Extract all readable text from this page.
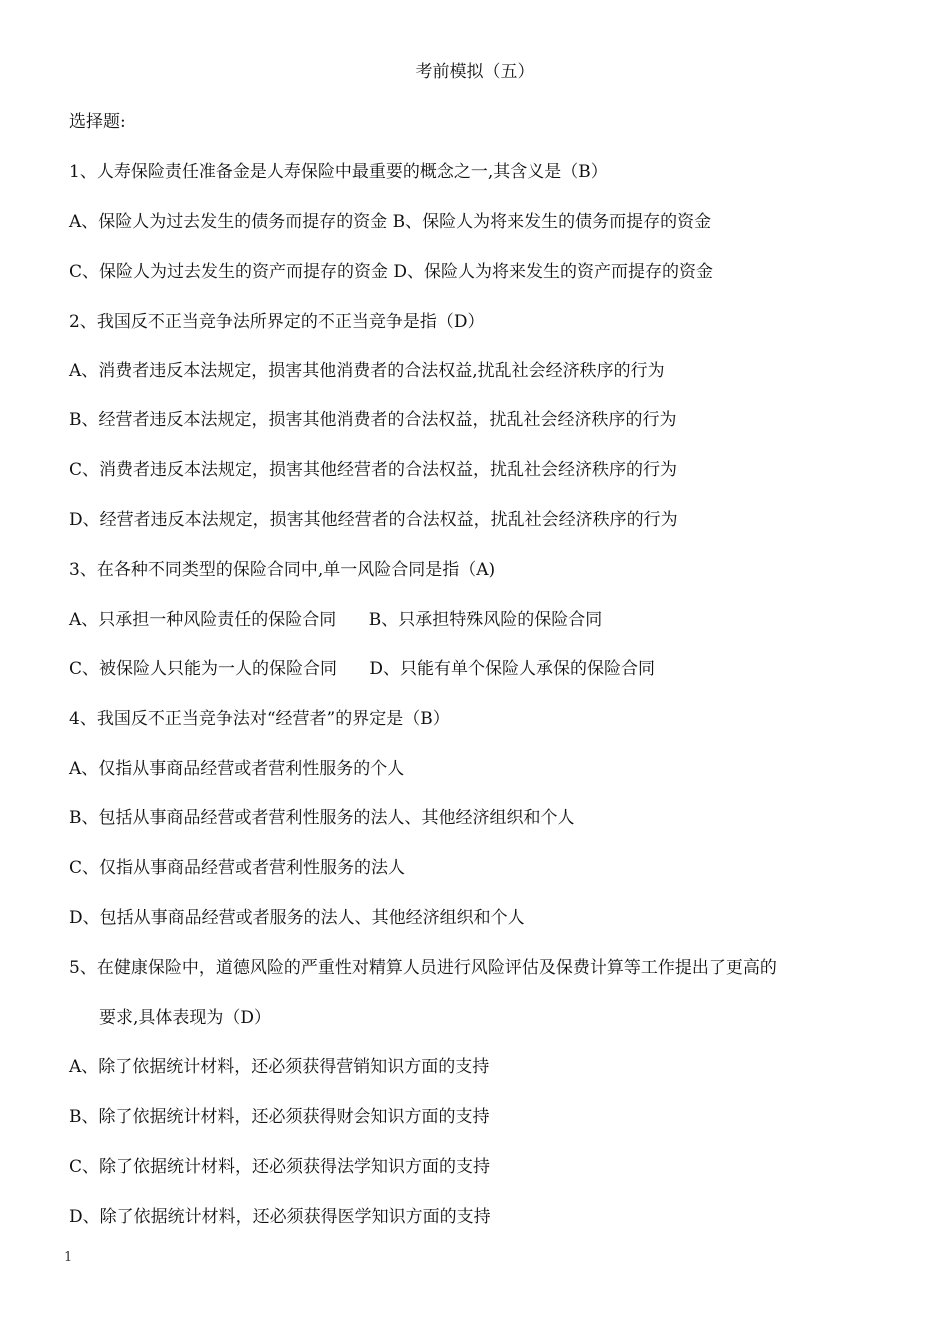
考前模拟（五）
选择题:
1、人寿保险责任准备金是人寿保险中最重要的概念之一,其含义是（B）
A、保险人为过去发生的债务而提存的资金 B、保险人为将来发生的债务而提存的资金
C、保险人为过去发生的资产而提存的资金 D、保险人为将来发生的资产而提存的资金
2、我国反不正当竞争法所界定的不正当竞争是指（D）
A、消费者违反本法规定，损害其他消费者的合法权益,扰乱社会经济秩序的行为
B、经营者违反本法规定，损害其他消费者的合法权益，扰乱社会经济秩序的行为
C、消费者违反本法规定，损害其他经营者的合法权益，扰乱社会经济秩序的行为
D、经营者违反本法规定，损害其他经营者的合法权益，扰乱社会经济秩序的行为
3、在各种不同类型的保险合同中,单一风险合同是指（A)
A、只承担一种风险责任的保险合同      B、只承担特殊风险的保险合同
C、被保险人只能为一人的保险合同      D、只能有单个保险人承保的保险合同
4、我国反不正当竞争法对“经营者”的界定是（B）
A、仅指从事商品经营或者营利性服务的个人
B、包括从事商品经营或者营利性服务的法人、其他经济组织和个人
C、仅指从事商品经营或者营利性服务的法人
D、包括从事商品经营或者服务的法人、其他经济组织和个人
5、在健康保险中，道德风险的严重性对精算人员进行风险评估及保费计算等工作提出了更高的
要求,具体表现为（D）
A、除了依据统计材料，还必须获得营销知识方面的支持
B、除了依据统计材料，还必须获得财会知识方面的支持
C、除了依据统计材料，还必须获得法学知识方面的支持
D、除了依据统计材料，还必须获得医学知识方面的支持
1
